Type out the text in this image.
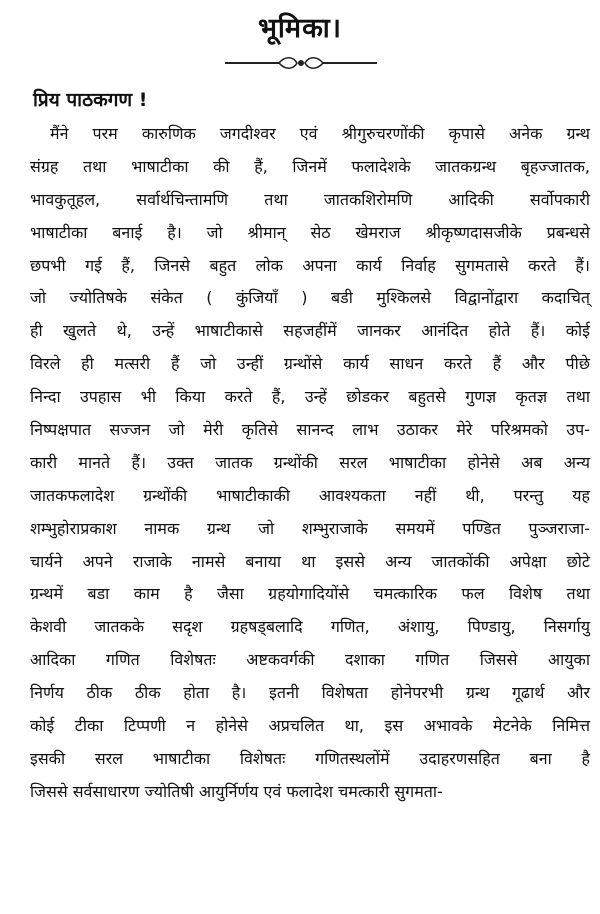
भूमिका।
प्रिय पाठकगण !
मैंने परम कारुणिक जगदीश्वर एवं श्रीगुरुचरणोंकी कृपासे अनेक ग्रन्थ
संग्रह तथा भाषाटीका की हैं, जिनमें फलादेशके जातकग्रन्थ बृहज्जातक,
भावकुतूहल, सर्वार्थचिन्तामणि तथा जातकशिरोमणि आदिकी सर्वोपकारी
भाषाटीका बनाई है। जो श्रीमान् सेठ खेमराज श्रीकृष्णदासजीके प्रबन्धसे
छपभी गई हैं, जिनसे बहुत लोक अपना कार्य निर्वाह सुगमतासे करते हैं।
जो ज्योतिषके संकेत ( कुंजियाँ ) बडी मुश्किलसे विद्वानोंद्वारा कदाचित्
ही खुलते थे, उन्हें भाषाटीकासे सहजहींमें जानकर आनंदित होते हैं। कोई
विरले ही मत्सरी हैं जो उन्हीं ग्रन्थोंसे कार्य साधन करते हैं और पीछे
निन्दा उपहास भी किया करते हैं, उन्हें छोडकर बहुतसे गुणज्ञ कृतज्ञ तथा
निष्पक्षपात सज्जन जो मेरी कृतिसे सानन्द लाभ उठाकर मेरे परिश्रमको उप-
कारी मानते हैं। उक्त जातक ग्रन्थोंकी सरल भाषाटीका होनेसे अब अन्य
जातकफलादेश ग्रन्थोंकी भाषाटीकाकी आवश्यकता नहीं थी, परन्तु यह
शम्भुहोराप्रकाश नामक ग्रन्थ जो शम्भुराजाके समयमें पण्डित पुञ्जराजा-
चार्यने अपने राजाके नामसे बनाया था इससे अन्य जातकोंकी अपेक्षा छोटे
ग्रन्थमें बडा काम है जैसा ग्रहयोगादियोंसे चमत्कारिक फल विशेष तथा
केशवी जातकके सदृश ग्रहषड्बलादि गणित, अंशायु, पिण्डायु, निसर्गायु
आदिका गणित विशेषतः अष्टकवर्गकी दशाका गणित जिससे आयुका
निर्णय ठीक ठीक होता है। इतनी विशेषता होनेपरभी ग्रन्थ गूढार्थ और
कोई टीका टिप्पणी न होनेसे अप्रचलित था, इस अभावके मेटनेके निमित्त
इसकी सरल भाषाटीका विशेषतः गणितस्थलोंमें उदाहरणसहित बना है
जिससे सर्वसाधारण ज्योतिषी आयुर्निर्णय एवं फलादेश चमत्कारी सुगमता-
